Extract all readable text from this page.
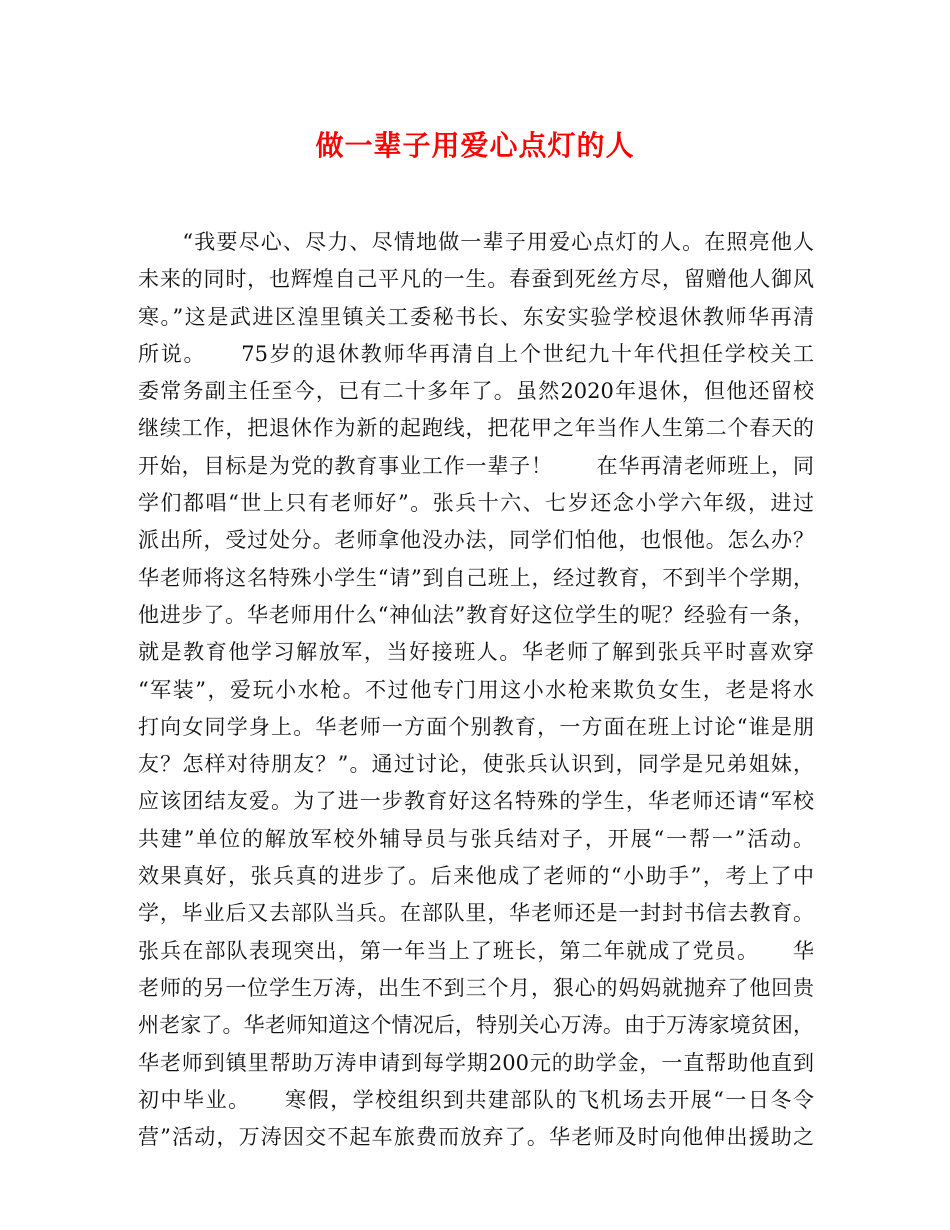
做一辈子用爱心点灯的人
　　“我要尽心、尽力、尽情地做一辈子用爱心点灯的人。在照亮他人
未来的同时，也辉煌自己平凡的一生。春蚕到死丝方尽，留赠他人御风
寒。”这是武进区湟里镇关工委秘书长、东安实验学校退休教师华再清
所说。　　75岁的退休教师华再清自上个世纪九十年代担任学校关工
委常务副主任至今，已有二十多年了。虽然2020年退休，但他还留校
继续工作，把退休作为新的起跑线，把花甲之年当作人生第二个春天的
开始，目标是为党的教育事业工作一辈子！　　在华再清老师班上，同
学们都唱“世上只有老师好”。张兵十六、七岁还念小学六年级，进过
派出所，受过处分。老师拿他没办法，同学们怕他，也恨他。怎么办？
华老师将这名特殊小学生“请”到自己班上，经过教育，不到半个学期，
他进步了。华老师用什么“神仙法”教育好这位学生的呢？经验有一条，
就是教育他学习解放军，当好接班人。华老师了解到张兵平时喜欢穿
“军装”，爱玩小水枪。不过他专门用这小水枪来欺负女生，老是将水
打向女同学身上。华老师一方面个别教育，一方面在班上讨论“谁是朋
友？怎样对待朋友？”。通过讨论，使张兵认识到，同学是兄弟姐妹，
应该团结友爱。为了进一步教育好这名特殊的学生，华老师还请“军校
共建”单位的解放军校外辅导员与张兵结对子，开展“一帮一”活动。
效果真好，张兵真的进步了。后来他成了老师的“小助手”，考上了中
学，毕业后又去部队当兵。在部队里，华老师还是一封封书信去教育。
张兵在部队表现突出，第一年当上了班长，第二年就成了党员。　　华
老师的另一位学生万涛，出生不到三个月，狠心的妈妈就抛弃了他回贵
州老家了。华老师知道这个情况后，特别关心万涛。由于万涛家境贫困，
华老师到镇里帮助万涛申请到每学期200元的助学金，一直帮助他直到
初中毕业。　　寒假，学校组织到共建部队的飞机场去开展“一日冬令
营”活动，万涛因交不起车旅费而放弃了。华老师及时向他伸出援助之
